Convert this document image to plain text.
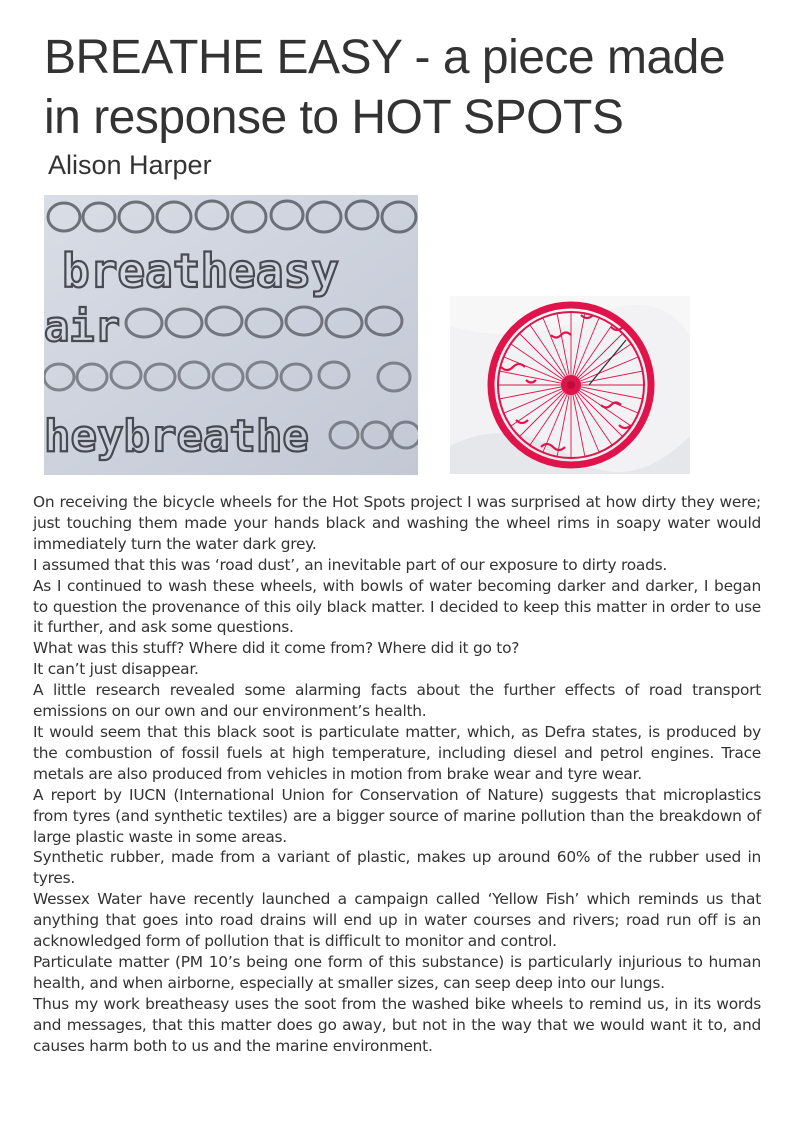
BREATHE EASY - a piece made in response to HOT SPOTS
Alison Harper
breatheasy
air
heybreathe

On receiving the bicycle wheels for the Hot Spots project I was surprised at how dirty they were; just touching them made your hands black and washing the wheel rims in soapy water would immediately turn the water dark grey.

I assumed that this was ‘road dust’, an inevitable part of our exposure to dirty roads.

As I continued to wash these wheels, with bowls of water becoming darker and darker, I began to question the provenance of this oily black matter. I decided to keep this matter in order to use it further, and ask some questions.

What was this stuff? Where did it come from? Where did it go to?

It can’t just disappear.

A little research revealed some alarming facts about the further effects of road transport emissions on our own and our environment’s health.

It would seem that this black soot is particulate matter, which, as Defra states, is produced by the combustion of fossil fuels at high temperature, including diesel and petrol engines. Trace metals are also produced from vehicles in motion from brake wear and tyre wear.

A report by IUCN (International Union for Conservation of Nature) suggests that microplastics from tyres (and synthetic textiles) are a bigger source of marine pollution than the breakdown of large plastic waste in some areas.

Synthetic rubber, made from a variant of plastic, makes up around 60% of the rubber used in tyres.

Wessex Water have recently launched a campaign called ‘Yellow Fish’ which reminds us that anything that goes into road drains will end up in water courses and rivers; road run off is an acknowledged form of pollution that is difficult to monitor and control.

Particulate matter (PM 10’s being one form of this substance) is particularly injurious to human health, and when airborne, especially at smaller sizes, can seep deep into our lungs.

Thus my work breatheasy uses the soot from the washed bike wheels to remind us, in its words and messages, that this matter does go away, but not in the way that we would want it to, and causes harm both to us and the marine environment.
